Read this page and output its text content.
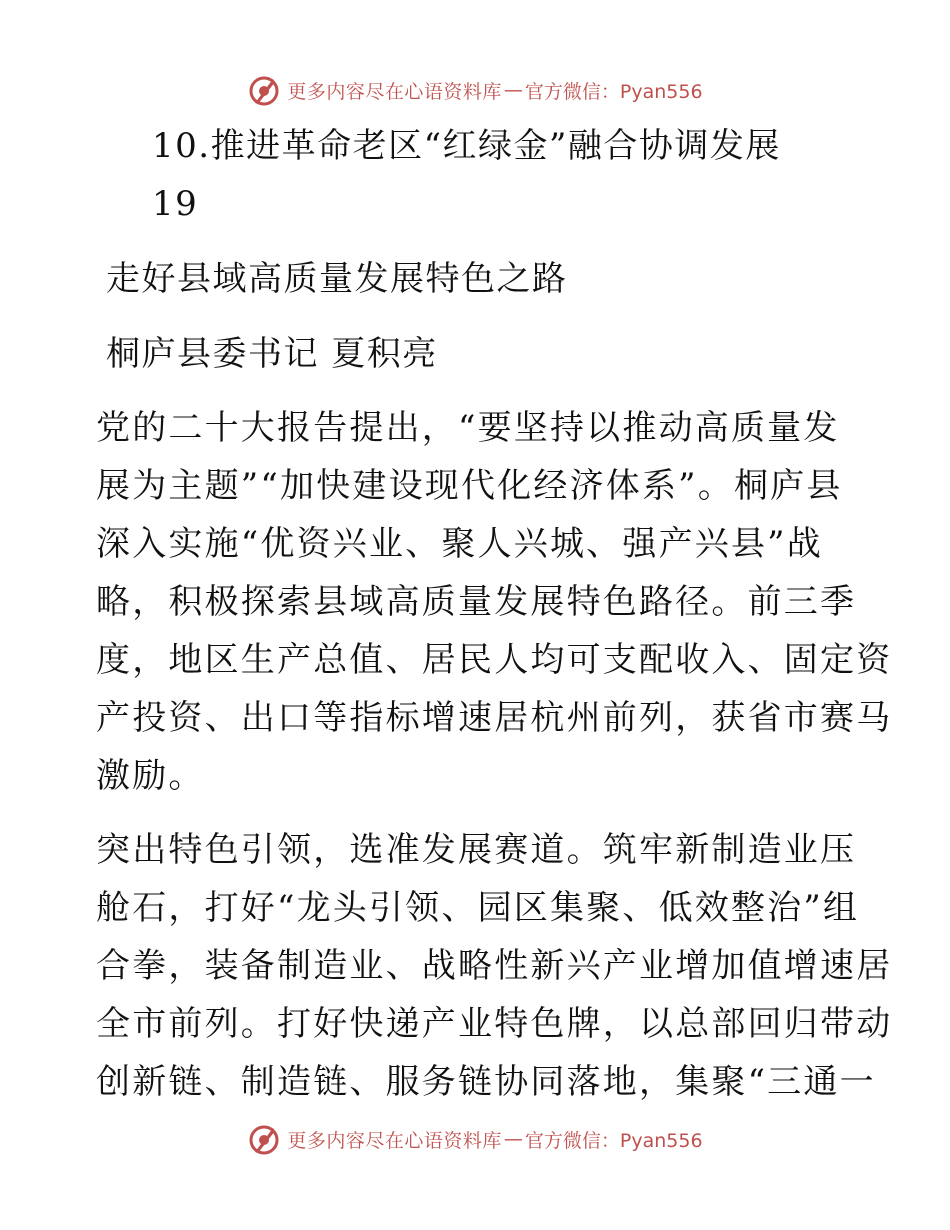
更多内容尽在心语资料库 — 官方微信：Pyan556
10.推进革命老区“红绿金”融合协调发展
19
走好县域高质量发展特色之路
桐庐县委书记 夏积亮
党的二十大报告提出，“要坚持以推动高质量发
展为主题”“加快建设现代化经济体系”。桐庐县
深入实施“优资兴业、聚人兴城、强产兴县”战
略，积极探索县域高质量发展特色路径。前三季
度，地区生产总值、居民人均可支配收入、固定资
产投资、出口等指标增速居杭州前列，获省市赛马
激励。
突出特色引领，选准发展赛道。筑牢新制造业压
舱石，打好“龙头引领、园区集聚、低效整治”组
合拳，装备制造业、战略性新兴产业增加值增速居
全市前列。打好快递产业特色牌，以总部回归带动
创新链、制造链、服务链协同落地，集聚“三通一
更多内容尽在心语资料库 — 官方微信：Pyan556
